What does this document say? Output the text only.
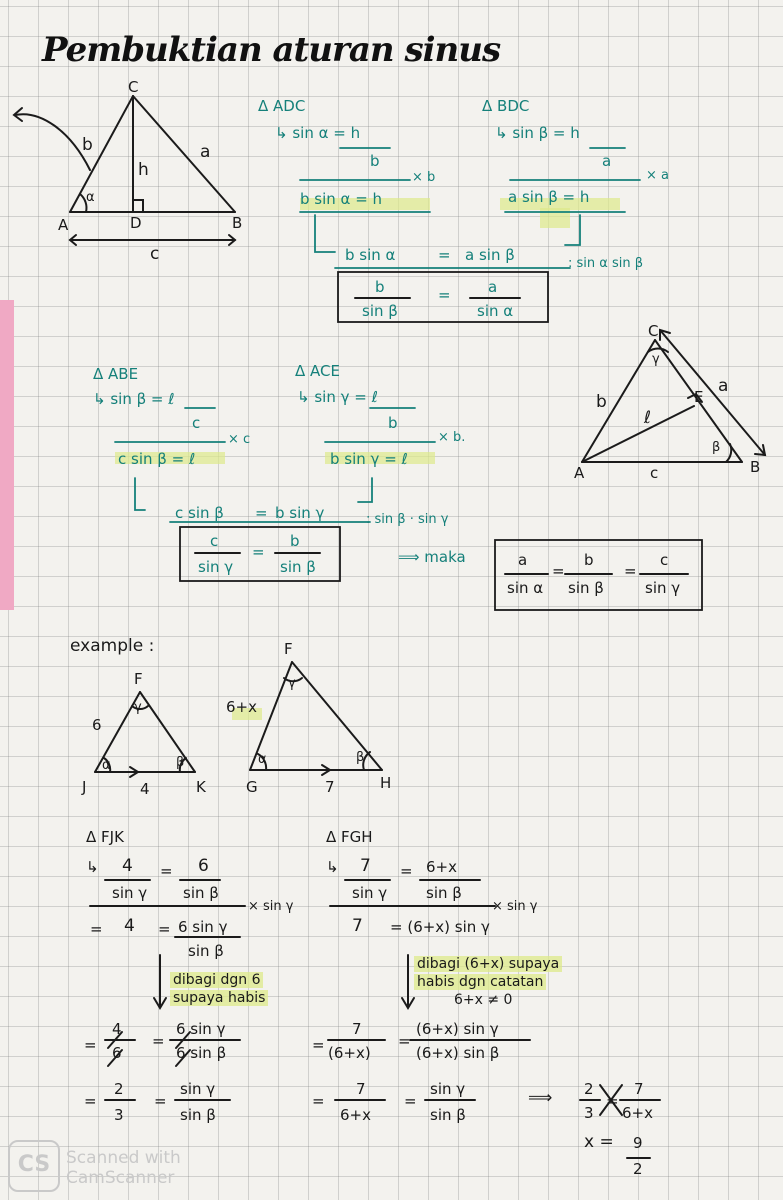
Pembuktian aturan sinus
C
A	B
D
b	a
h
c
α
Δ ADC
↳ sin α = h
b
× b
b sin α = h
Δ BDC
↳ sin β = h
a
× a
a sin β = h
b sin α	= a sin β	: sin α sin β
b
sin β
= a
sin α
Δ ABE
↳ sin β = ℓ
c
× c
c sin β = ℓ
Δ ACE
↳ sin γ = ℓ
b
× b.
b sin γ = ℓ
C
A	B
E
b
a
ℓ
c
γ
β
c sin β = b sin γ	: sin β · sin γ
c
sin γ
=
b
sin β
⟹ maka	a
sin α
=
b
sin β
=
c
sin γ
example :
F
J	K
6
4
γ
α	β
F
G	H
6+x
7
γ
α	β
Δ FJK
↳ 4
sin γ
= 6
sin β
× sin γ
= 4 = 6 sin γ
sin β
dibagi dgn 6
supaya habis
=
4
6
=
6 sin γ
6 sin β
=
2
3
=
sin γ
sin β
Δ FGH
↳ 7
sin γ
= 6+x
sin β
× sin γ
7 = (6+x) sin γ
dibagi (6+x) supaya
habis dgn catatan
6+x ≠ 0
=
7
(6+x)
=
(6+x) sin γ
(6+x) sin β
=
7
6+x
=
sin γ
sin β
⟹ 2
3
=
7
6+x
x = 9
2
CS Scanned with
CamScanner
